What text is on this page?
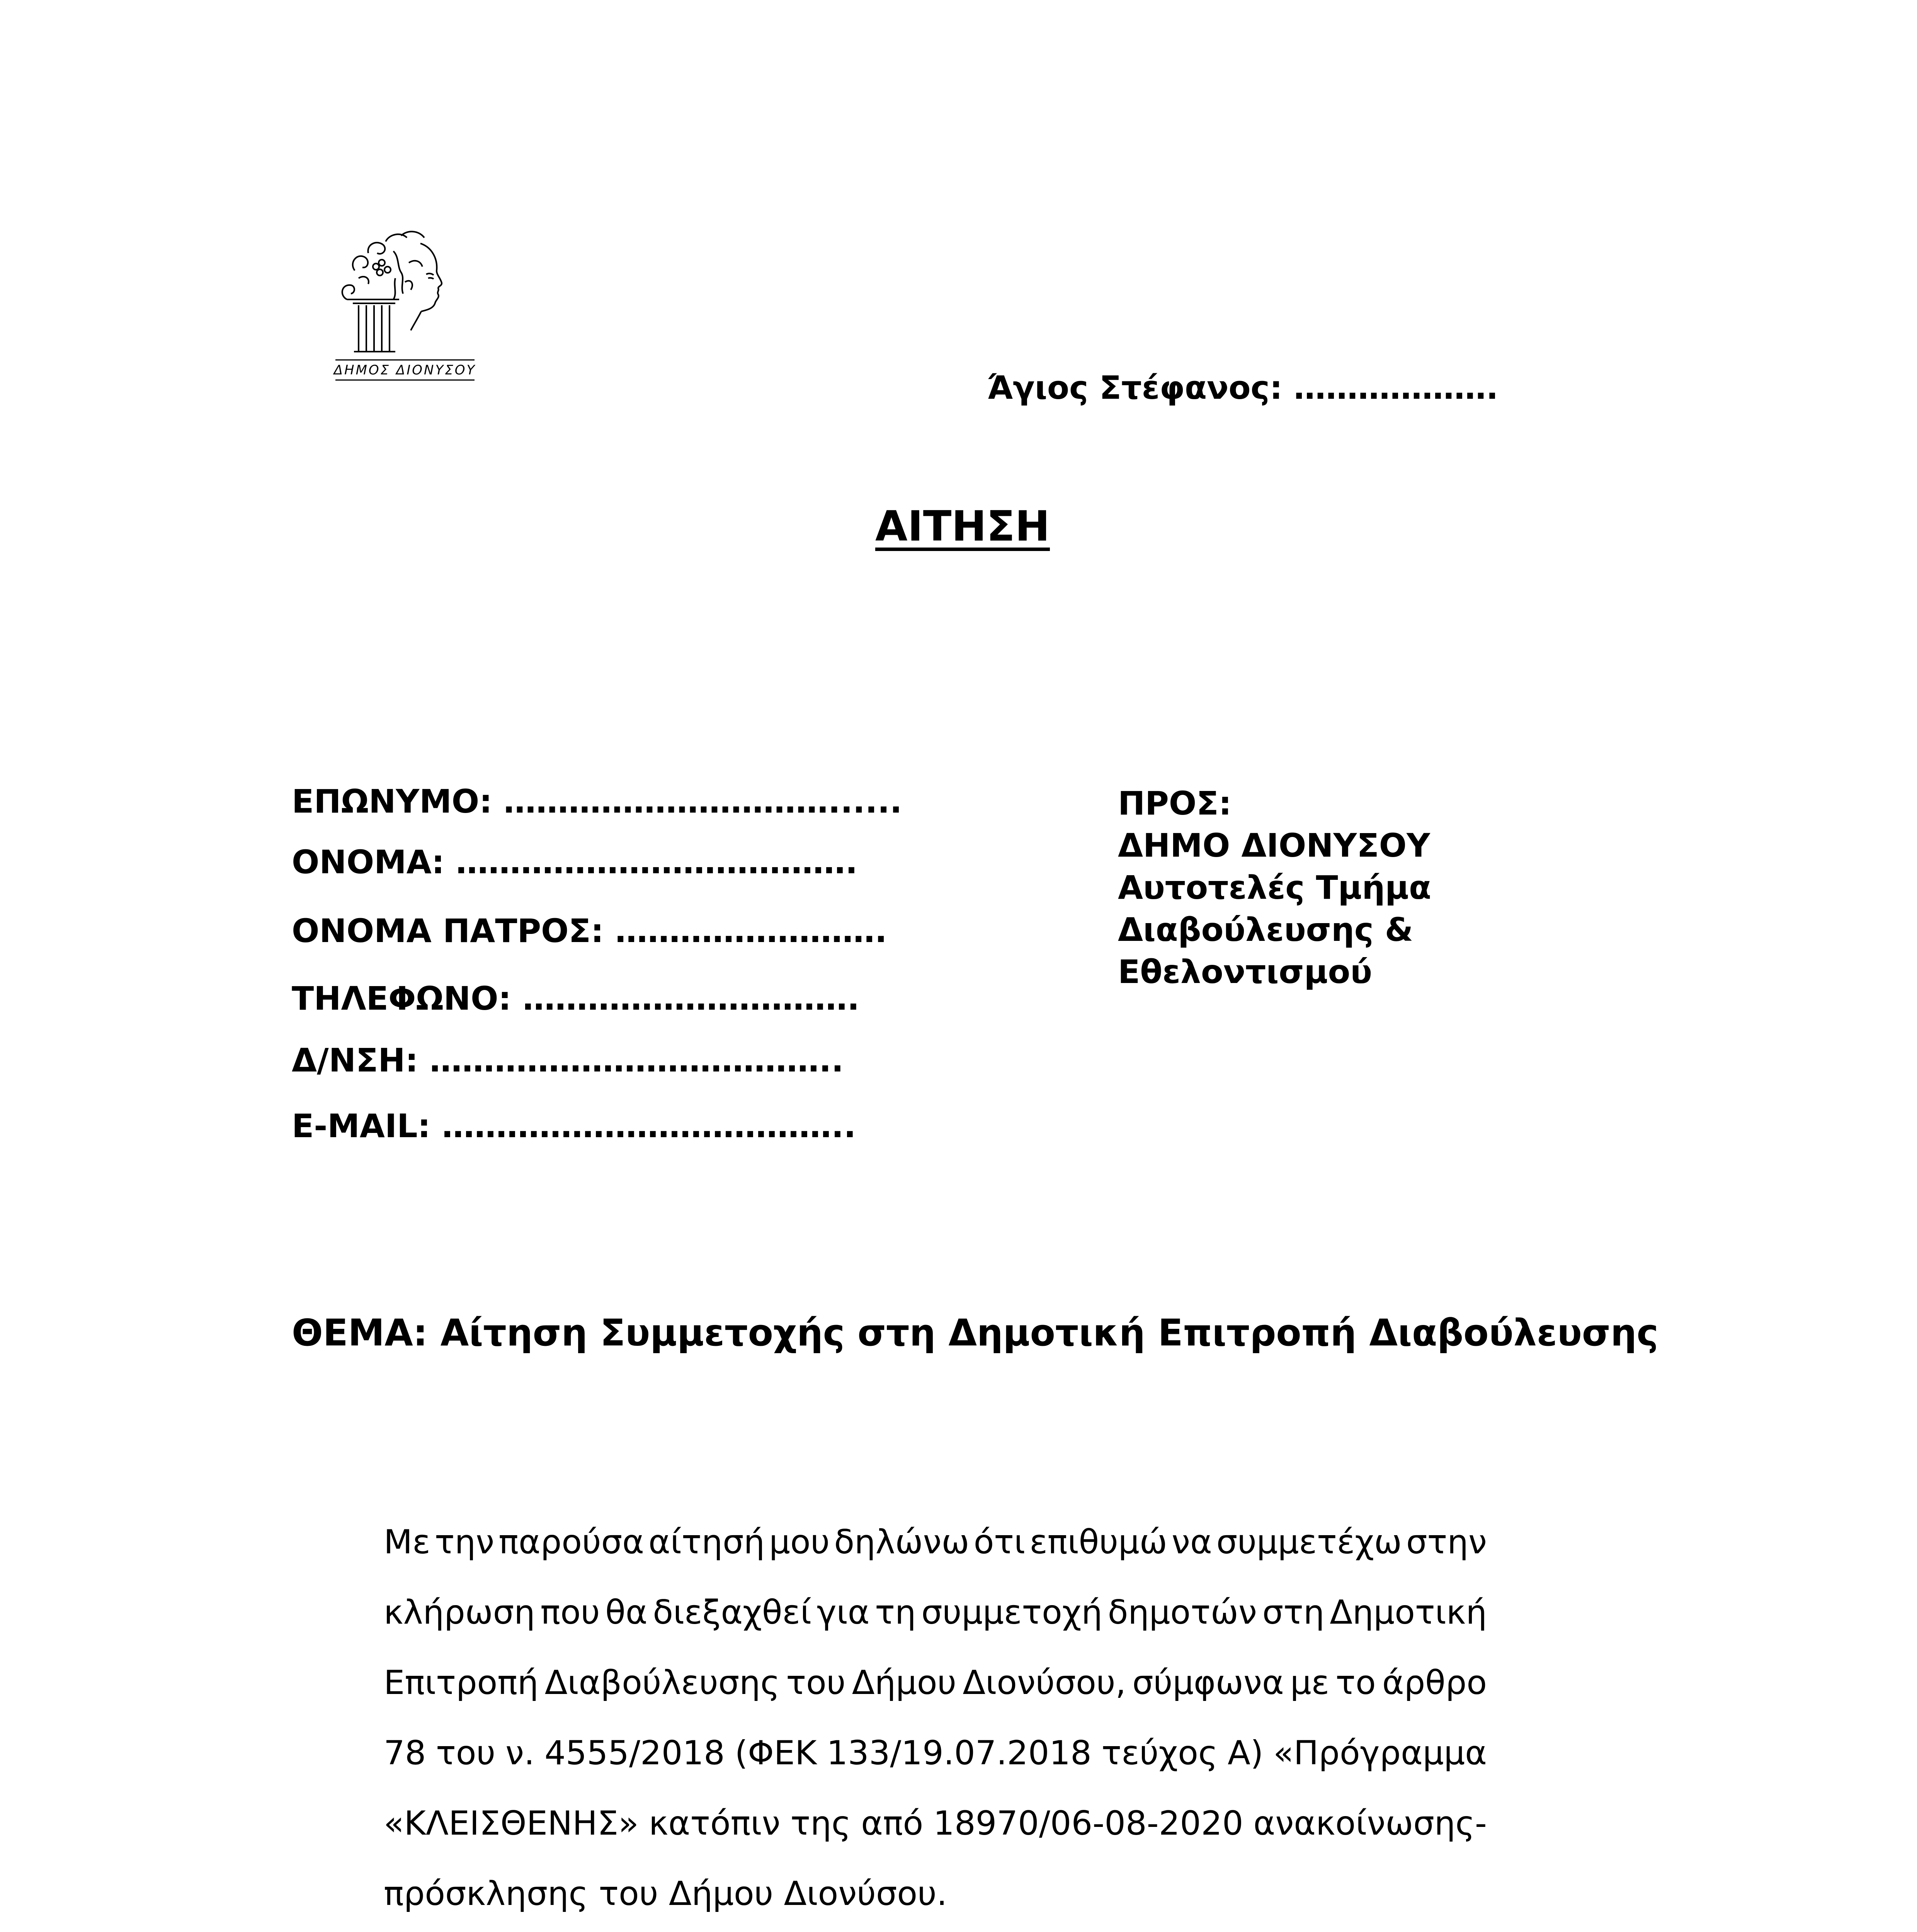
ΔΗΜΟΣ ΔΙΟΝΥΣΟΥ	Άγιος Στέφανος: ……………….
ΑΙΤΗΣΗ
ΕΠΩΝΥΜΟ: …………………………......
ΟΝΟΜΑ: ……………………………….
ΟΝΟΜΑ ΠΑΤΡΟΣ: …………………….
ΤΗΛΕΦΩΝΟ: ………………………….
Δ/ΝΣΗ: ………………………………..
E-MAIL: ………………………………..
ΠΡΟΣ:
ΔΗΜΟ ΔΙΟΝΥΣΟΥ
Αυτοτελές Τμήμα
Διαβούλευσης &
Εθελοντισμού
ΘΕΜΑ: Αίτηση Συμμετοχής στη Δημοτική Επιτροπή Διαβούλευσης
Με την παρούσα αίτησή μου δηλώνω ότι επιθυμώ να συμμετέχω στην
κλήρωση που θα διεξαχθεί για τη συμμετοχή δημοτών στη Δημοτική
Επιτροπή Διαβούλευσης του Δήμου Διονύσου, σύμφωνα με το άρθρο
78 του ν. 4555/2018 (ΦΕΚ 133/19.07.2018 τεύχος Α) «Πρόγραμμα
«ΚΛΕΙΣΘΕΝΗΣ» κατόπιν της από 18970/06-08-2020 ανακοίνωσης-
πρόσκλησης του Δήμου Διονύσου.
